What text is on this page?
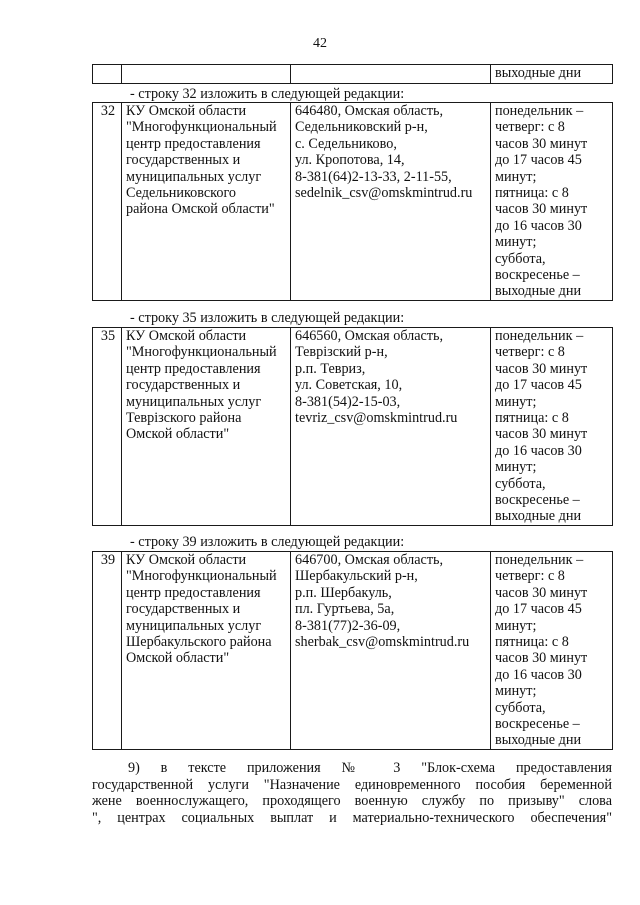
42
			выходные дни
- строку 32 изложить в следующей редакции:
32	КУ Омской области
"Многофункциональный
центр предоставления
государственных и
муниципальных услуг
Седельниковского
района Омской области"	646480, Омская область,
Седельниковский р-н,
с. Седельниково,
ул. Кропотова, 14,
8-381(64)2-13-33, 2-11-55,
sedelnik_csv@omskmintrud.ru	понедельник –
четверг: с 8
часов 30 минут
до 17 часов 45
минут;
пятница: с 8
часов 30 минут
до 16 часов 30
минут;
суббота,
воскресенье –
выходные дни
- строку 35 изложить в следующей редакции:
35	КУ Омской области
"Многофункциональный
центр предоставления
государственных и
муниципальных услуг
Теврізского района
Омской области"	646560, Омская область,
Теврізский р-н,
р.п. Тевриз,
ул. Советская, 10,
8-381(54)2-15-03,
tevriz_csv@omskmintrud.ru	понедельник –
четверг: с 8
часов 30 минут
до 17 часов 45
минут;
пятница: с 8
часов 30 минут
до 16 часов 30
минут;
суббота,
воскресенье –
выходные дни
- строку 39 изложить в следующей редакции:
39	КУ Омской области
"Многофункциональный
центр предоставления
государственных и
муниципальных услуг
Шербакульского района
Омской области"	646700, Омская область,
Шербакульский р-н,
р.п. Шербакуль,
пл. Гуртьева, 5а,
8-381(77)2-36-09,
sherbak_csv@omskmintrud.ru	понедельник –
четверг: с 8
часов 30 минут
до 17 часов 45
минут;
пятница: с 8
часов 30 минут
до 16 часов 30
минут;
суббота,
воскресенье –
выходные дни
9) в тексте приложения № 3 "Блок-схема предоставления
государственной услуги "Назначение единовременного пособия беременной
жене военнослужащего, проходящего военную службу по призыву" слова
", центрах социальных выплат и материально-технического обеспечения"
